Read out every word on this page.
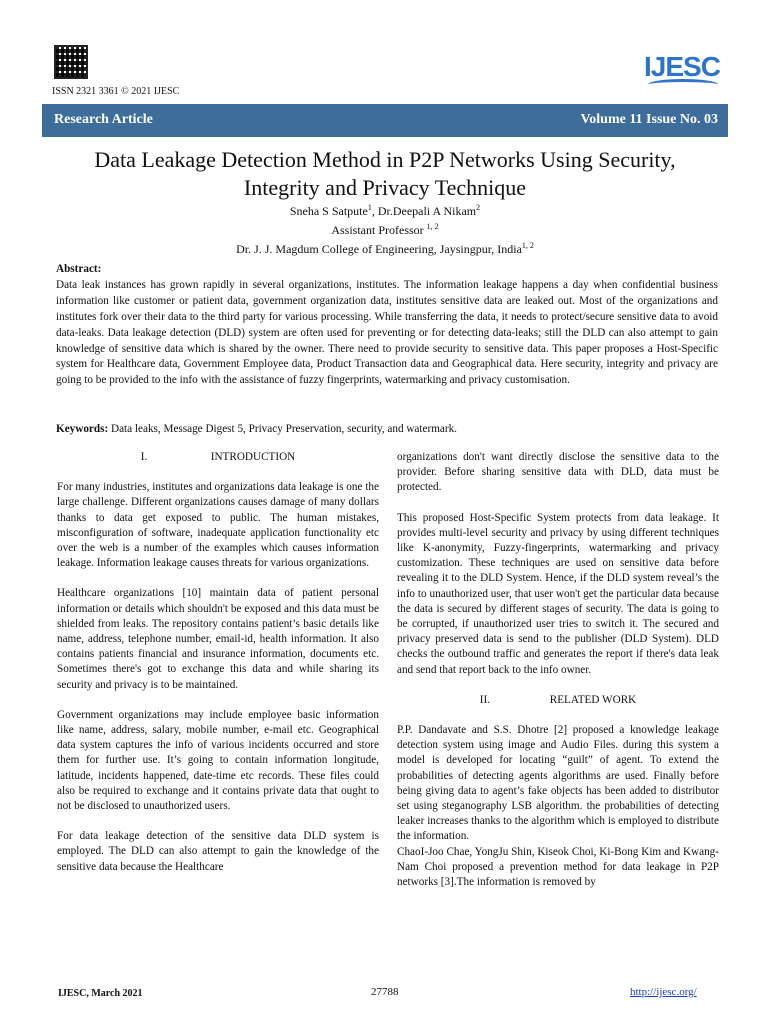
ISSN 2321 3361 © 2021 IJESC
IJESC
Research Article	Volume 11 Issue No. 03
Data Leakage Detection Method in P2P Networks Using Security,
Integrity and Privacy Technique
Sneha S Satpute$^1$, Dr.Deepali A Nikam$^2$
Assistant Professor $^{1, 2}$
Dr. J. J. Magdum College of Engineering, Jaysingpur, India$^{1, 2}$
Abstract:
Data leak instances has grown rapidly in several organizations, institutes. The information leakage happens a day when confidential business information like customer or patient data, government organization data, institutes sensitive data are leaked out. Most of the organizations and institutes fork over their data to the third party for various processing. While transferring the data, it needs to protect/secure sensitive data to avoid data-leaks. Data leakage detection (DLD) system are often used for preventing or for detecting data-leaks; still the DLD can also attempt to gain knowledge of sensitive data which is shared by the owner. There need to provide security to sensitive data. This paper proposes a Host-Specific system for Healthcare data, Government Employee data, Product Transaction data and Geographical data. Here security, integrity and privacy are going to be provided to the info with the assistance of fuzzy fingerprints, watermarking and privacy customisation.
Keywords: Data leaks, Message Digest 5, Privacy Preservation, security, and watermark.

I.	INTRODUCTION

For many industries, institutes and organizations data leakage is one the large challenge. Different organizations causes damage of many dollars thanks to data get exposed to public. The human mistakes, misconfiguration of software, inadequate application functionality etc over the web is a number of the examples which causes information leakage. Information leakage causes threats for various organizations.

Healthcare organizations [10] maintain data of patient personal information or details which shouldn't be exposed and this data must be shielded from leaks. The repository contains patient’s basic details like name, address, telephone number, email-id, health information. It also contains patients financial and insurance information, documents etc. Sometimes there's got to exchange this data and while sharing its security and privacy is to be maintained.

Government organizations may include employee basic information like name, address, salary, mobile number, e-mail etc. Geographical data system captures the info of various incidents occurred and store them for further use. It’s going to contain information longitude, latitude, incidents happened, date-time etc records. These files could also be required to exchange and it contains private data that ought to not be disclosed to unauthorized users.

For data leakage detection of the sensitive data DLD system is employed. The DLD can also attempt to gain the knowledge of the sensitive data because the Healthcare

organizations don't want directly disclose the sensitive data to the provider. Before sharing sensitive data with DLD, data must be protected.

This proposed Host-Specific System protects from data leakage. It provides multi-level security and privacy by using different techniques like K-anonymity, Fuzzy-fingerprints, watermarking and privacy customization. These techniques are used on sensitive data before revealing it to the DLD System. Hence, if the DLD system reveal’s the info to unauthorized user, that user won't get the particular data because the data is secured by different stages of security. The data is going to be corrupted, if unauthorized user tries to switch it. The secured and privacy preserved data is send to the publisher (DLD System). DLD checks the outbound traffic and generates the report if there's data leak and send that report back to the info owner.

II.	RELATED WORK

P.P. Dandavate and S.S. Dhotre [2] proposed a knowledge leakage detection system using image and Audio Files. during this system a model is developed for locating “guilt” of agent. To extend the probabilities of detecting agents algorithms are used. Finally before being giving data to agent’s fake objects has been added to distributor set using steganography LSB algorithm. the probabilities of detecting leaker increases thanks to the algorithm which is employed to distribute the information.

ChaoI-Joo Chae, YongJu Shin, Kiseok Choi, Ki-Bong Kim and Kwang-Nam Choi proposed a prevention method for data leakage in P2P networks [3].The information is removed by

IJESC, March 2021	27788	http://ijesc.org/
